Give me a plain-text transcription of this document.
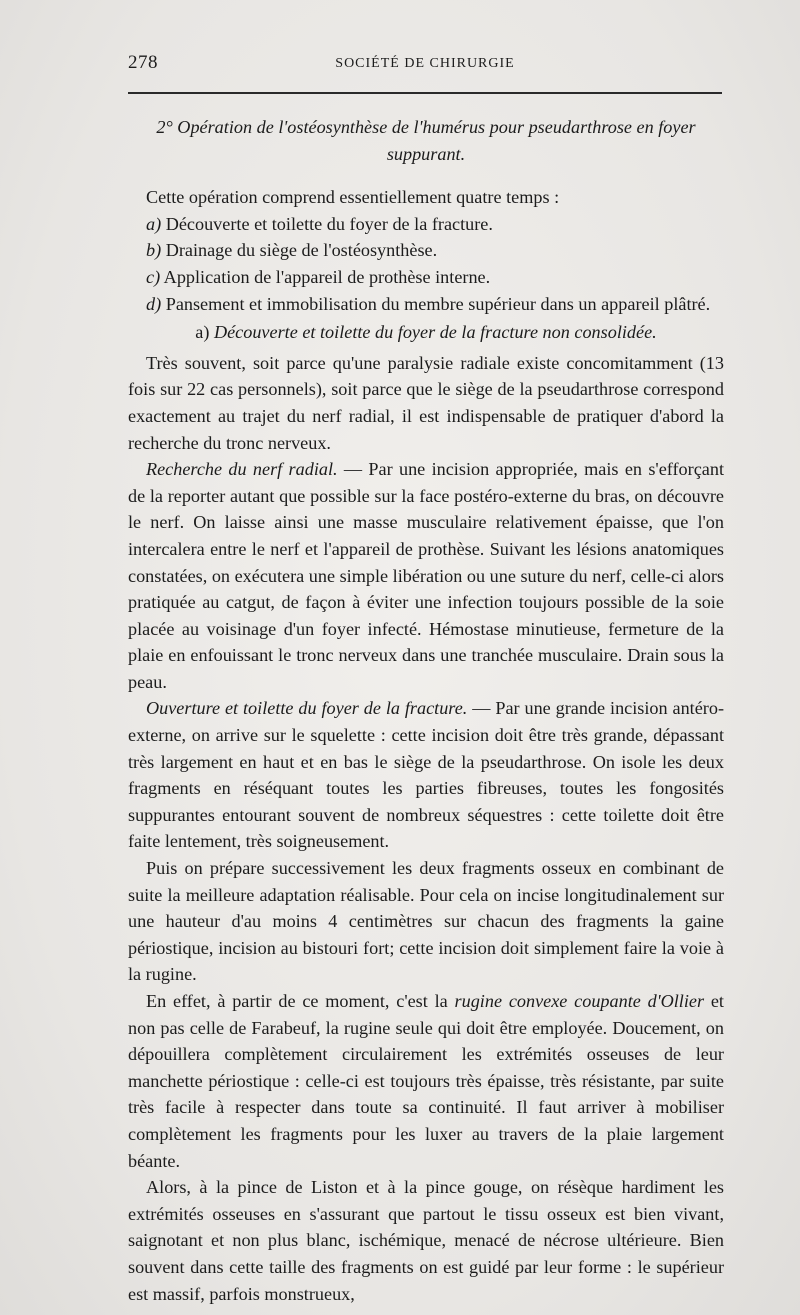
278	SOCIÉTÉ DE CHIRURGIE

2° Opération de l'ostéosynthèse de l'humérus pour pseudarthrose en foyer suppurant.

Cette opération comprend essentiellement quatre temps :

a) Découverte et toilette du foyer de la fracture.

b) Drainage du siège de l'ostéosynthèse.

c) Application de l'appareil de prothèse interne.

d) Pansement et immobilisation du membre supérieur dans un appareil plâtré.

a) Découverte et toilette du foyer de la fracture non consolidée.

Très souvent, soit parce qu'une paralysie radiale existe concomitamment (13 fois sur 22 cas personnels), soit parce que le siège de la pseudarthrose correspond exactement au trajet du nerf radial, il est indispensable de pratiquer d'abord la recherche du tronc nerveux.

Recherche du nerf radial. — Par une incision appropriée, mais en s'efforçant de la reporter autant que possible sur la face postéro-externe du bras, on découvre le nerf. On laisse ainsi une masse musculaire relativement épaisse, que l'on intercalera entre le nerf et l'appareil de prothèse. Suivant les lésions anatomiques constatées, on exécutera une simple libération ou une suture du nerf, celle-ci alors pratiquée au catgut, de façon à éviter une infection toujours possible de la soie placée au voisinage d'un foyer infecté. Hémostase minutieuse, fermeture de la plaie en enfouissant le tronc nerveux dans une tranchée musculaire. Drain sous la peau.

Ouverture et toilette du foyer de la fracture. — Par une grande incision antéro-externe, on arrive sur le squelette : cette incision doit être très grande, dépassant très largement en haut et en bas le siège de la pseudarthrose. On isole les deux fragments en réséquant toutes les parties fibreuses, toutes les fongosités suppurantes entourant souvent de nombreux séquestres : cette toilette doit être faite lentement, très soigneusement.

Puis on prépare successivement les deux fragments osseux en combinant de suite la meilleure adaptation réalisable. Pour cela on incise longitudinalement sur une hauteur d'au moins 4 centimètres sur chacun des fragments la gaine périostique, incision au bistouri fort; cette incision doit simplement faire la voie à la rugine.

En effet, à partir de ce moment, c'est la rugine convexe coupante d'Ollier et non pas celle de Farabeuf, la rugine seule qui doit être employée. Doucement, on dépouillera complètement circulairement les extrémités osseuses de leur manchette périostique : celle-ci est toujours très épaisse, très résistante, par suite très facile à respecter dans toute sa continuité. Il faut arriver à mobiliser complètement les fragments pour les luxer au travers de la plaie largement béante.

Alors, à la pince de Liston et à la pince gouge, on résèque hardiment les extrémités osseuses en s'assurant que partout le tissu osseux est bien vivant, saignotant et non plus blanc, ischémique, menacé de nécrose ultérieure. Bien souvent dans cette taille des fragments on est guidé par leur forme : le supérieur est massif, parfois monstrueux,
